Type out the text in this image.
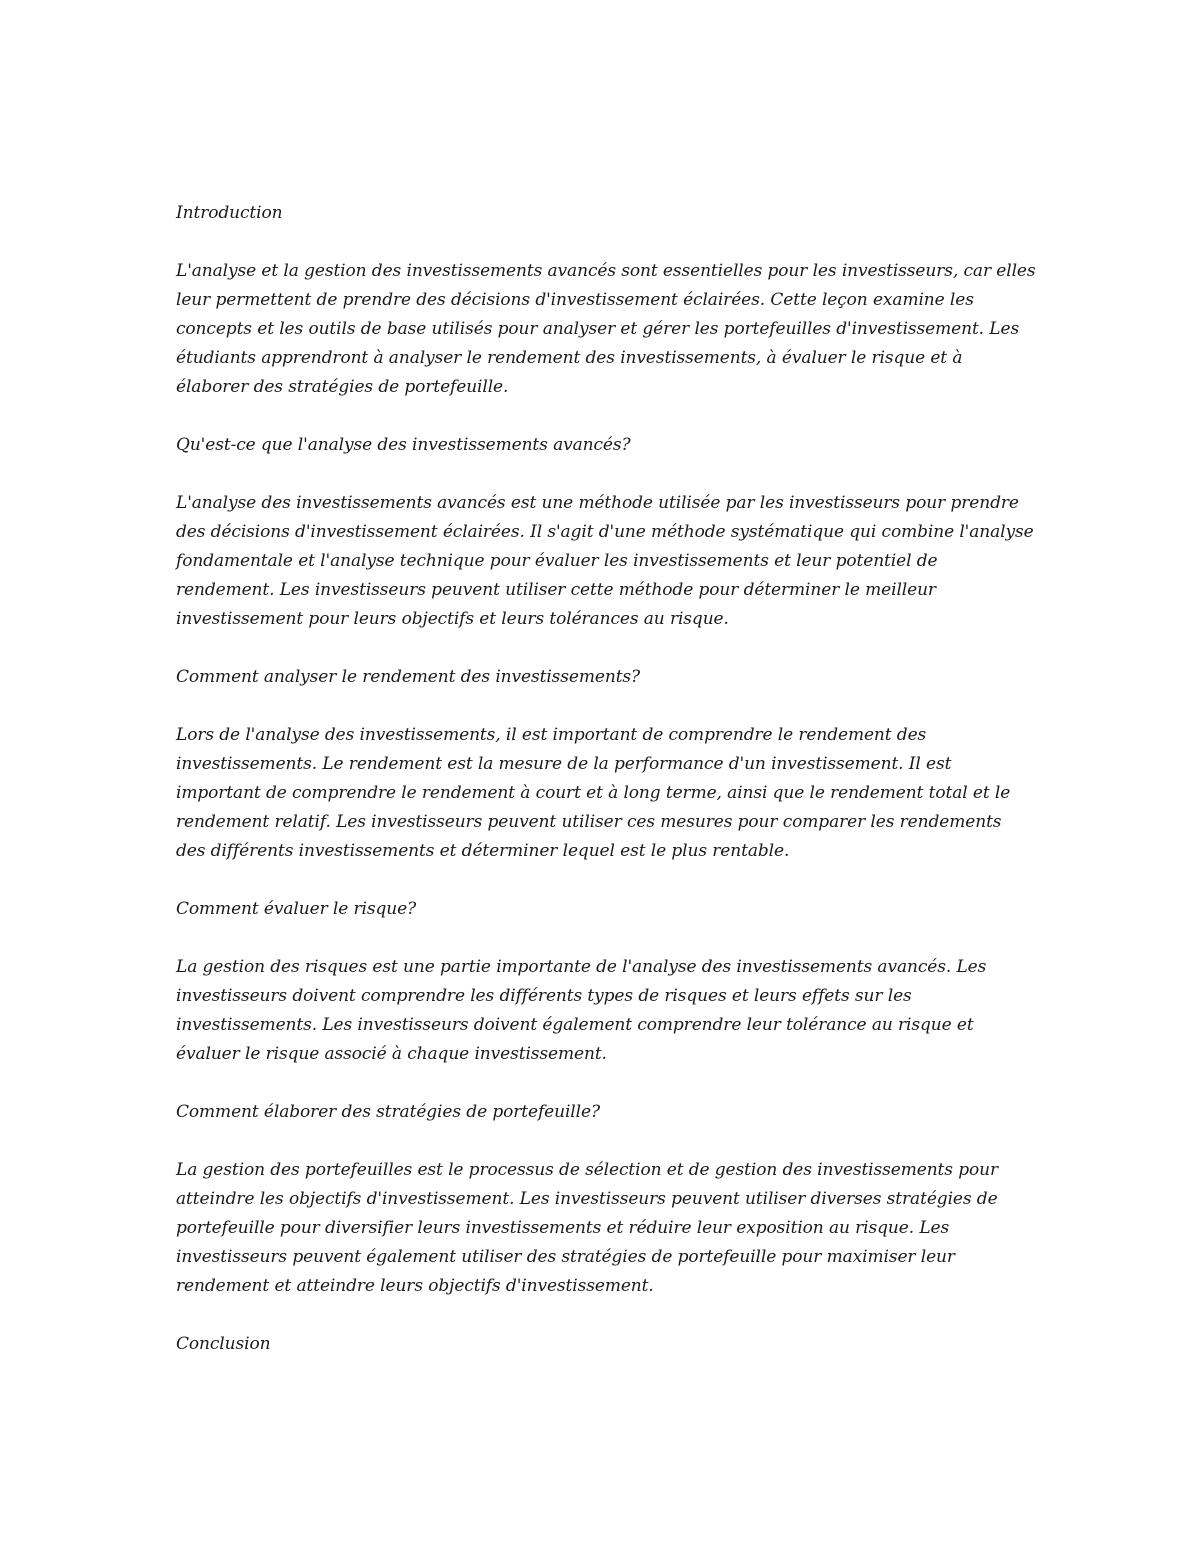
Introduction

L'analyse et la gestion des investissements avancés sont essentielles pour les investisseurs, car elles leur permettent de prendre des décisions d'investissement éclairées. Cette leçon examine les concepts et les outils de base utilisés pour analyser et gérer les portefeuilles d'investissement. Les étudiants apprendront à analyser le rendement des investissements, à évaluer le risque et à élaborer des stratégies de portefeuille.

Qu'est-ce que l'analyse des investissements avancés?

L'analyse des investissements avancés est une méthode utilisée par les investisseurs pour prendre des décisions d'investissement éclairées. Il s'agit d'une méthode systématique qui combine l'analyse fondamentale et l'analyse technique pour évaluer les investissements et leur potentiel de rendement. Les investisseurs peuvent utiliser cette méthode pour déterminer le meilleur investissement pour leurs objectifs et leurs tolérances au risque.

Comment analyser le rendement des investissements?

Lors de l'analyse des investissements, il est important de comprendre le rendement des investissements. Le rendement est la mesure de la performance d'un investissement. Il est important de comprendre le rendement à court et à long terme, ainsi que le rendement total et le rendement relatif. Les investisseurs peuvent utiliser ces mesures pour comparer les rendements des différents investissements et déterminer lequel est le plus rentable.

Comment évaluer le risque?

La gestion des risques est une partie importante de l'analyse des investissements avancés. Les investisseurs doivent comprendre les différents types de risques et leurs effets sur les investissements. Les investisseurs doivent également comprendre leur tolérance au risque et évaluer le risque associé à chaque investissement.

Comment élaborer des stratégies de portefeuille?

La gestion des portefeuilles est le processus de sélection et de gestion des investissements pour atteindre les objectifs d'investissement. Les investisseurs peuvent utiliser diverses stratégies de portefeuille pour diversifier leurs investissements et réduire leur exposition au risque. Les investisseurs peuvent également utiliser des stratégies de portefeuille pour maximiser leur rendement et atteindre leurs objectifs d'investissement.

Conclusion
